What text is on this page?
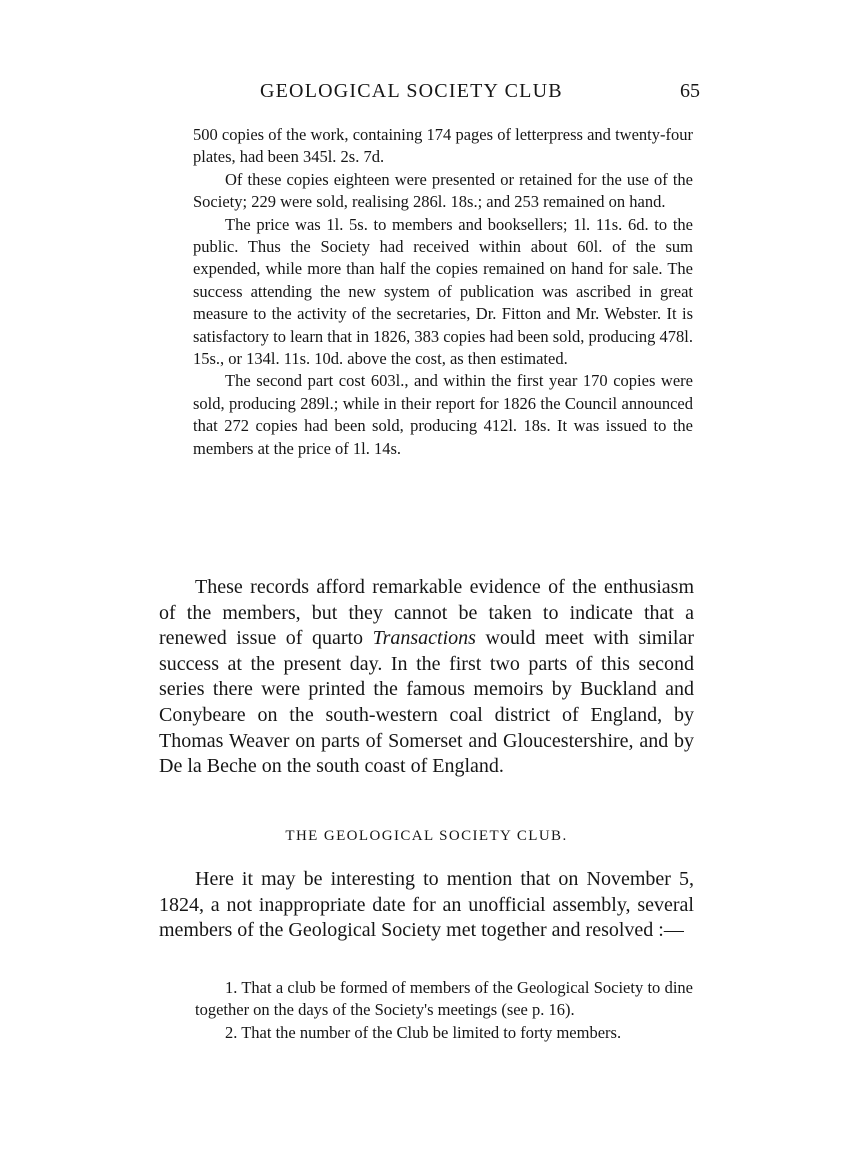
GEOLOGICAL SOCIETY CLUB	65

500 copies of the work, containing 174 pages of letterpress and twenty-four plates, had been 345l. 2s. 7d.

Of these copies eighteen were presented or retained for the use of the Society; 229 were sold, realising 286l. 18s.; and 253 remained on hand.

The price was 1l. 5s. to members and booksellers; 1l. 11s. 6d. to the public. Thus the Society had received within about 60l. of the sum expended, while more than half the copies remained on hand for sale. The success attending the new system of publication was ascribed in great measure to the activity of the secretaries, Dr. Fitton and Mr. Webster. It is satisfactory to learn that in 1826, 383 copies had been sold, producing 478l. 15s., or 134l. 11s. 10d. above the cost, as then estimated.

The second part cost 603l., and within the first year 170 copies were sold, producing 289l.; while in their report for 1826 the Council announced that 272 copies had been sold, producing 412l. 18s. It was issued to the members at the price of 1l. 14s.

These records afford remarkable evidence of the enthusiasm of the members, but they cannot be taken to indicate that a renewed issue of quarto Transactions would meet with similar success at the present day. In the first two parts of this second series there were printed the famous memoirs by Buckland and Conybeare on the south-western coal district of England, by Thomas Weaver on parts of Somerset and Gloucestershire, and by De la Beche on the south coast of England.

THE GEOLOGICAL SOCIETY CLUB.

Here it may be interesting to mention that on November 5, 1824, a not inappropriate date for an unofficial assembly, several members of the Geological Society met together and resolved :—

1. That a club be formed of members of the Geological Society to dine together on the days of the Society's meetings (see p. 16).

2. That the number of the Club be limited to forty members.
